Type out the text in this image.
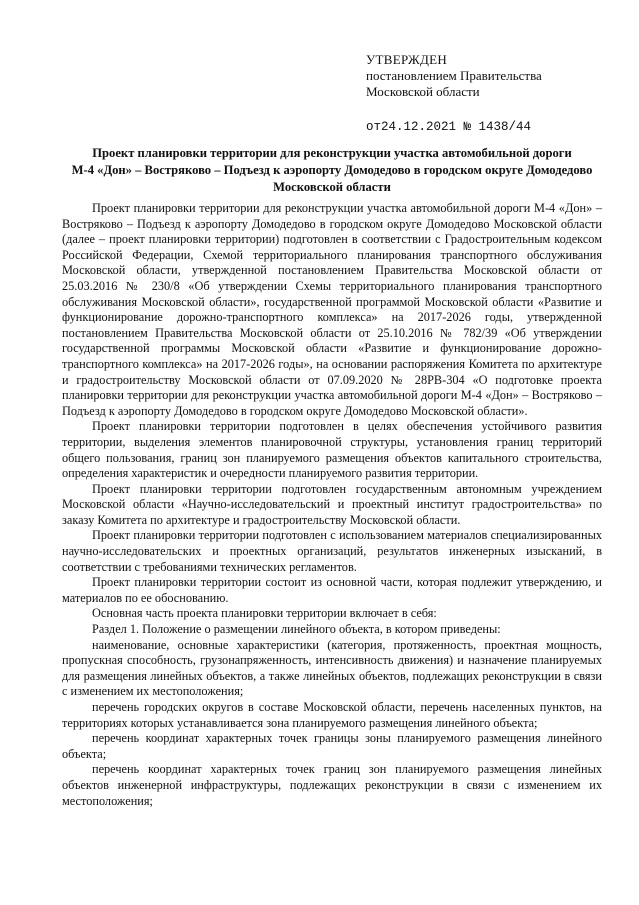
УТВЕРЖДЕН
постановлением Правительства
Московской области
от24.12.2021 № 1438/44
Проект планировки территории для реконструкции участка автомобильной дороги
М-4 «Дон» – Востряково – Подъезд к аэропорту Домодедово в городском округе Домодедово
Московской области

Проект планировки территории для реконструкции участка автомобильной дороги М-4 «Дон» – Востряково – Подъезд к аэропорту Домодедово в городском округе Домодедово Московской области (далее – проект планировки территории) подготовлен в соответствии с Градостроительным кодексом Российской Федерации, Схемой территориального планирования транспортного обслуживания Московской области, утвержденной постановлением Правительства Московской области от 25.03.2016 № 230/8 «Об утверждении Схемы территориального планирования транспортного обслуживания Московской области», государственной программой Московской области «Развитие и функционирование дорожно-транспортного комплекса» на 2017-2026 годы, утвержденной постановлением Правительства Московской области от 25.10.2016 № 782/39 «Об утверждении государственной программы Московской области «Развитие и функционирование дорожно-транспортного комплекса» на 2017-2026 годы», на основании распоряжения Комитета по архитектуре и градостроительству Московской области от 07.09.2020 № 28РВ-304 «О подготовке проекта планировки территории для реконструкции участка автомобильной дороги М-4 «Дон» – Востряково – Подъезд к аэропорту Домодедово в городском округе Домодедово Московской области».

Проект планировки территории подготовлен в целях обеспечения устойчивого развития территории, выделения элементов планировочной структуры, установления границ территорий общего пользования, границ зон планируемого размещения объектов капитального строительства, определения характеристик и очередности планируемого развития территории.

Проект планировки территории подготовлен государственным автономным учреждением Московской области «Научно-исследовательский и проектный институт градостроительства» по заказу Комитета по архитектуре и градостроительству Московской области.

Проект планировки территории подготовлен с использованием материалов специализированных научно-исследовательских и проектных организаций, результатов инженерных изысканий, в соответствии с требованиями технических регламентов.

Проект планировки территории состоит из основной части, которая подлежит утверждению, и материалов по ее обоснованию.

Основная часть проекта планировки территории включает в себя:

Раздел 1. Положение о размещении линейного объекта, в котором приведены:

наименование, основные характеристики (категория, протяженность, проектная мощность, пропускная способность, грузонапряженность, интенсивность движения) и назначение планируемых для размещения линейных объектов, а также линейных объектов, подлежащих реконструкции в связи с изменением их местоположения;

перечень городских округов в составе Московской области, перечень населенных пунктов, на территориях которых устанавливается зона планируемого размещения линейного объекта;

перечень координат характерных точек границы зоны планируемого размещения линейного объекта;

перечень координат характерных точек границ зон планируемого размещения линейных объектов инженерной инфраструктуры, подлежащих реконструкции в связи с изменением их местоположения;
